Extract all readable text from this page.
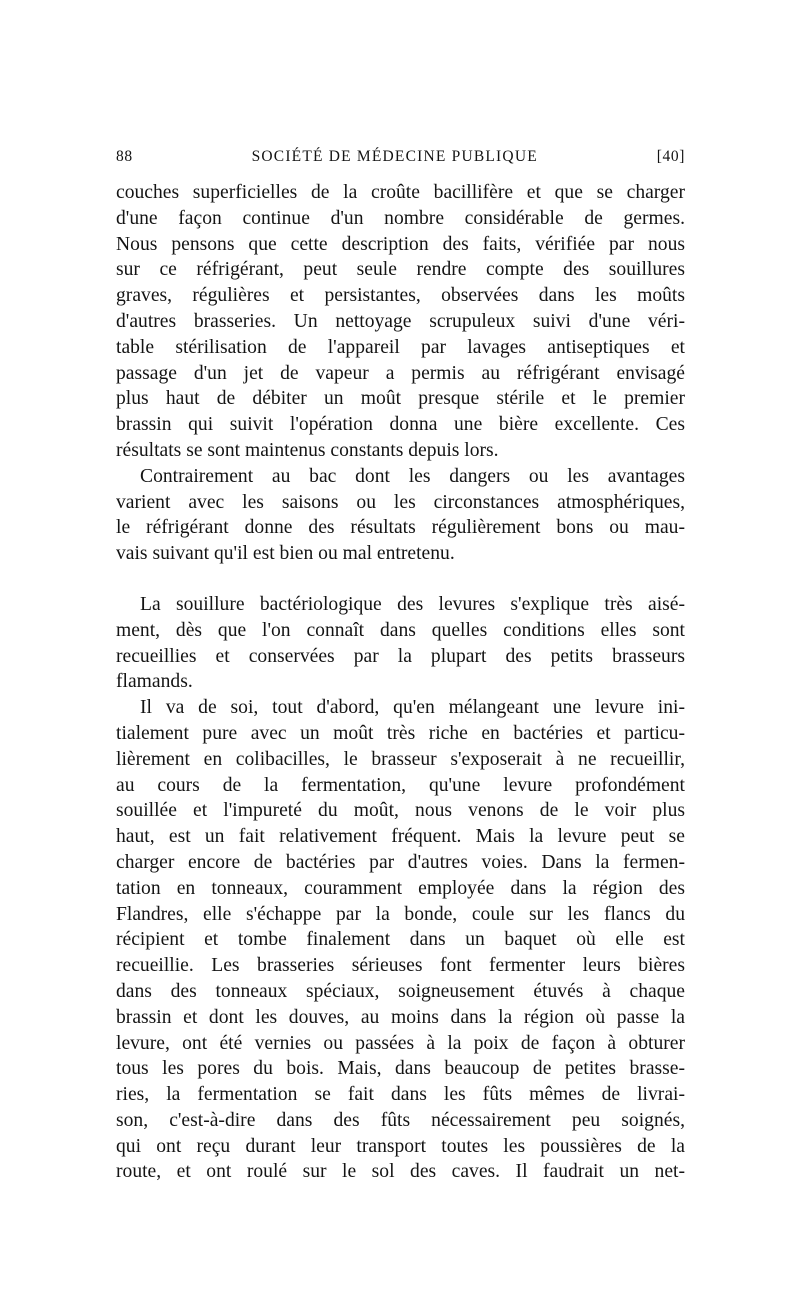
88	SOCIÉTÉ DE MÉDECINE PUBLIQUE	[40]
couches superficielles de la croûte bacillifère et que se charger
d'une façon continue d'un nombre considérable de germes.
Nous pensons que cette description des faits, vérifiée par nous
sur ce réfrigérant, peut seule rendre compte des souillures
graves, régulières et persistantes, observées dans les moûts
d'autres brasseries. Un nettoyage scrupuleux suivi d'une véri-
table stérilisation de l'appareil par lavages antiseptiques et
passage d'un jet de vapeur a permis au réfrigérant envisagé
plus haut de débiter un moût presque stérile et le premier
brassin qui suivit l'opération donna une bière excellente. Ces
résultats se sont maintenus constants depuis lors.
Contrairement au bac dont les dangers ou les avantages
varient avec les saisons ou les circonstances atmosphériques,
le réfrigérant donne des résultats régulièrement bons ou mau-
vais suivant qu'il est bien ou mal entretenu.
La souillure bactériologique des levures s'explique très aisé-
ment, dès que l'on connaît dans quelles conditions elles sont
recueillies et conservées par la plupart des petits brasseurs
flamands.
Il va de soi, tout d'abord, qu'en mélangeant une levure ini-
tialement pure avec un moût très riche en bactéries et particu-
lièrement en colibacilles, le brasseur s'exposerait à ne recueillir,
au cours de la fermentation, qu'une levure profondément
souillée et l'impureté du moût, nous venons de le voir plus
haut, est un fait relativement fréquent. Mais la levure peut se
charger encore de bactéries par d'autres voies. Dans la fermen-
tation en tonneaux, couramment employée dans la région des
Flandres, elle s'échappe par la bonde, coule sur les flancs du
récipient et tombe finalement dans un baquet où elle est
recueillie. Les brasseries sérieuses font fermenter leurs bières
dans des tonneaux spéciaux, soigneusement étuvés à chaque
brassin et dont les douves, au moins dans la région où passe la
levure, ont été vernies ou passées à la poix de façon à obturer
tous les pores du bois. Mais, dans beaucoup de petites brasse-
ries, la fermentation se fait dans les fûts mêmes de livrai-
son, c'est-à-dire dans des fûts nécessairement peu soignés,
qui ont reçu durant leur transport toutes les poussières de la
route, et ont roulé sur le sol des caves. Il faudrait un net-
